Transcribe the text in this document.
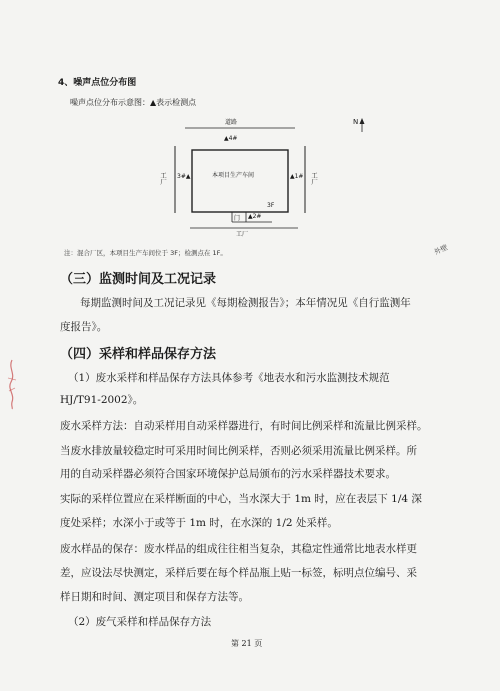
4、噪声点位分布图
噪声点位分布示意图：▲表示检测点
道路
▲4#
3#▲	▲1#
▲2#
3F
门
本项目生产车间
工厂	工厂
工厂
N
注：混合厂区，本项目生产车间位于 3F；检测点在 1F。	外壁
（三）监测时间及工况记录
每期监测时间及工况记录见《每期检测报告》；本年情况见《自行监测年
度报告》。
（四）采样和样品保存方法
（1）废水采样和样品保存方法具体参考《地表水和污水监测技术规范
HJ/T91-2002》。
废水采样方法：自动采样用自动采样器进行，有时间比例采样和流量比例采样。
当废水排放量较稳定时可采用时间比例采样，否则必须采用流量比例采样。所
用的自动采样器必须符合国家环境保护总局颁布的污水采样器技术要求。
实际的采样位置应在采样断面的中心，当水深大于 1m 时，应在表层下 1/4 深
度处采样；水深小于或等于 1m 时，在水深的 1/2 处采样。
废水样品的保存：废水样品的组成往往相当复杂，其稳定性通常比地表水样更
差，应设法尽快测定，采样后要在每个样品瓶上贴一标签，标明点位编号、采
样日期和时间、测定项目和保存方法等。
（2）废气采样和样品保存方法
第 21 页
